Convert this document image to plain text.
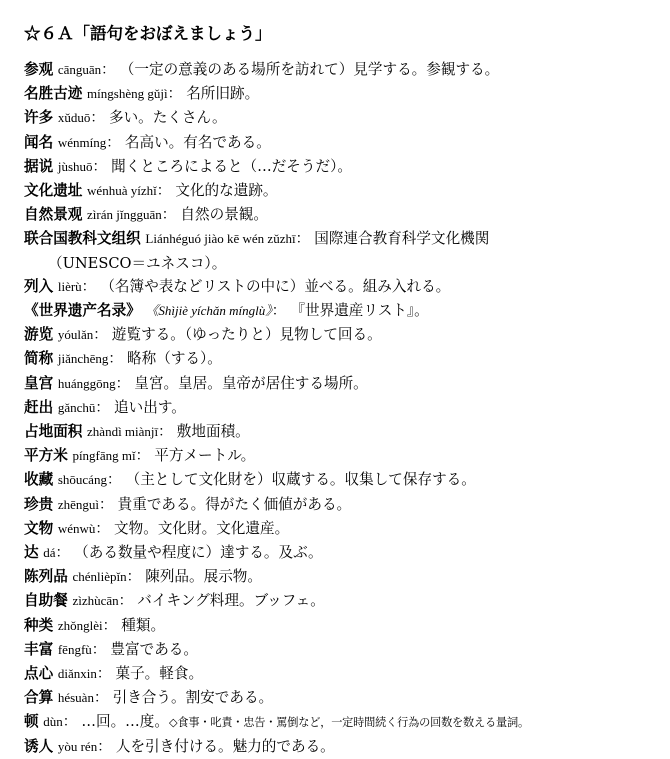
☆６Ａ「語句をおぼえましょう」
参观 cānguān： （一定の意義のある場所を訪れて）見学する。参観する。
名胜古迹 míngshèng gǔjì： 名所旧跡。
许多 xǔduō： 多い。たくさん。
闻名 wénmíng： 名高い。有名である。
据说 jùshuō： 聞くところによると（…だそうだ）。
文化遗址 wénhuà yízhǐ： 文化的な遺跡。
自然景观 zìrán jǐngguān： 自然の景観。
联合国教科文组织 Liánhéguó jiào kē wén zǔzhī： 国際連合教育科学文化機関
（UNESCO＝ユネスコ）。
列入 lièrù： （名簿や表などリストの中に）並べる。組み入れる。
《世界遗产名录》 《Shìjiè yíchǎn mínglù》： 『世界遺産リスト』。
游览 yóulǎn： 遊覧する。（ゆったりと）見物して回る。
简称 jiǎnchēng： 略称（する）。
皇宫 huánggōng： 皇宮。皇居。皇帝が居住する場所。
赶出 gǎnchū： 追い出す。
占地面积 zhàndì miànjī： 敷地面積。
平方米 píngfāng mǐ： 平方メートル。
收藏 shōucáng： （主として文化財を）収蔵する。収集して保存する。
珍贵 zhēnguì： 貴重である。得がたく価値がある。
文物 wénwù： 文物。文化財。文化遺産。
达 dá： （ある数量や程度に）達する。及ぶ。
陈列品 chénlièpǐn： 陳列品。展示物。
自助餐 zìzhùcān： バイキング料理。ブッフェ。
种类 zhǒnglèi： 種類。
丰富 fēngfù： 豊富である。
点心 diǎnxin： 菓子。軽食。
合算 hésuàn： 引き合う。割安である。
顿 dùn： …回。…度。◇食事・叱責・忠告・罵倒など，一定時間続く行為の回数を数える量詞。
诱人 yòu rén： 人を引き付ける。魅力的である。
